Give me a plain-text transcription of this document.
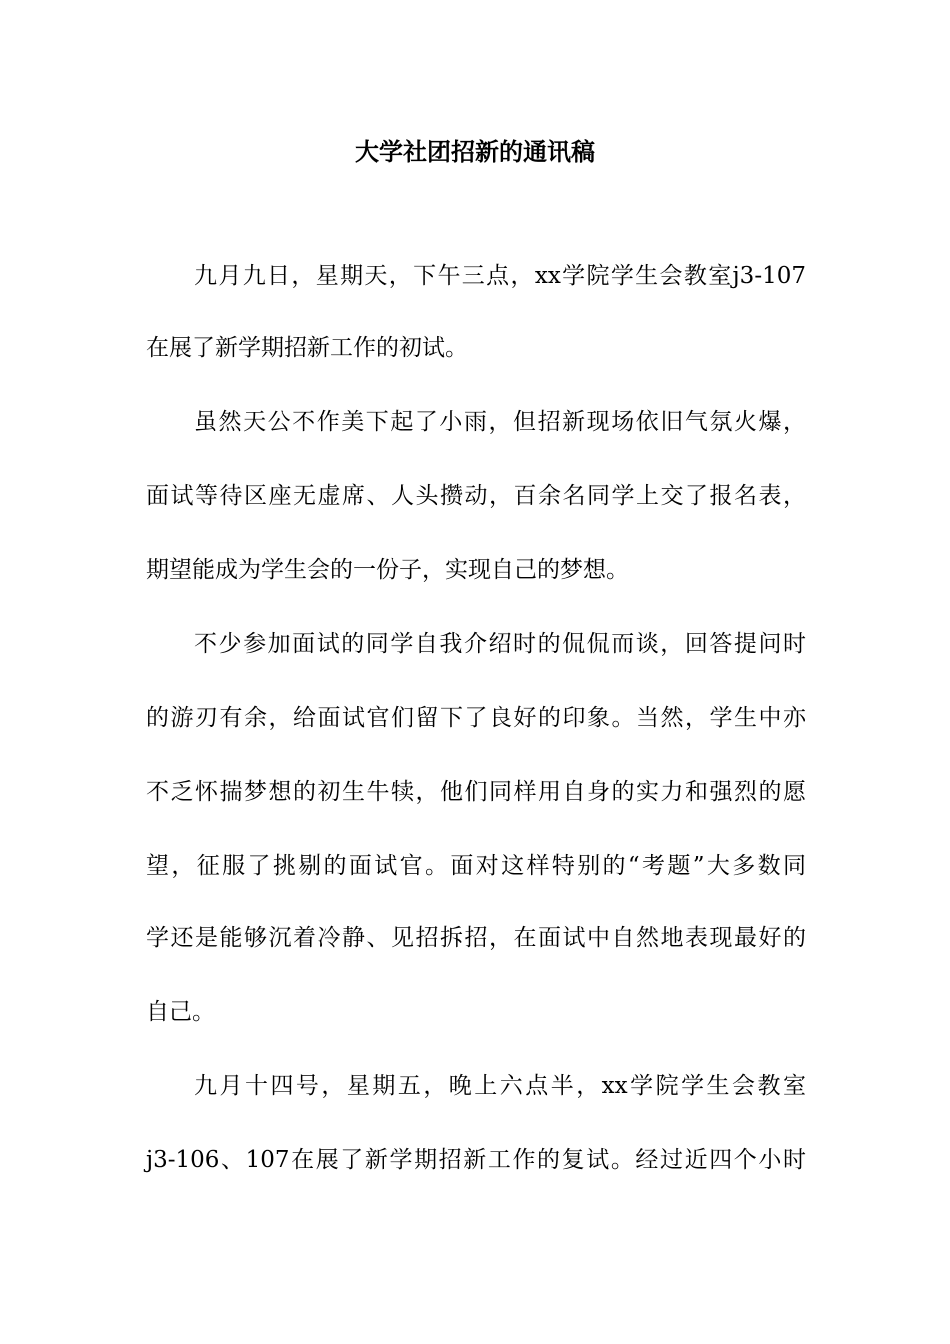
大学社团招新的通讯稿

九月九日，星期天，下午三点，xx学院学生会教室j3-107

在展了新学期招新工作的初试。

虽然天公不作美下起了小雨，但招新现场依旧气氛火爆，

面试等待区座无虚席、人头攒动，百余名同学上交了报名表，

期望能成为学生会的一份子，实现自己的梦想。

不少参加面试的同学自我介绍时的侃侃而谈，回答提问时

的游刃有余，给面试官们留下了良好的印象。当然，学生中亦

不乏怀揣梦想的初生牛犊，他们同样用自身的实力和强烈的愿

望，征服了挑剔的面试官。面对这样特别的“考题”大多数同

学还是能够沉着冷静、见招拆招，在面试中自然地表现最好的

自己。

九月十四号，星期五，晚上六点半，xx学院学生会教室

j3-106、107在展了新学期招新工作的复试。经过近四个小时
